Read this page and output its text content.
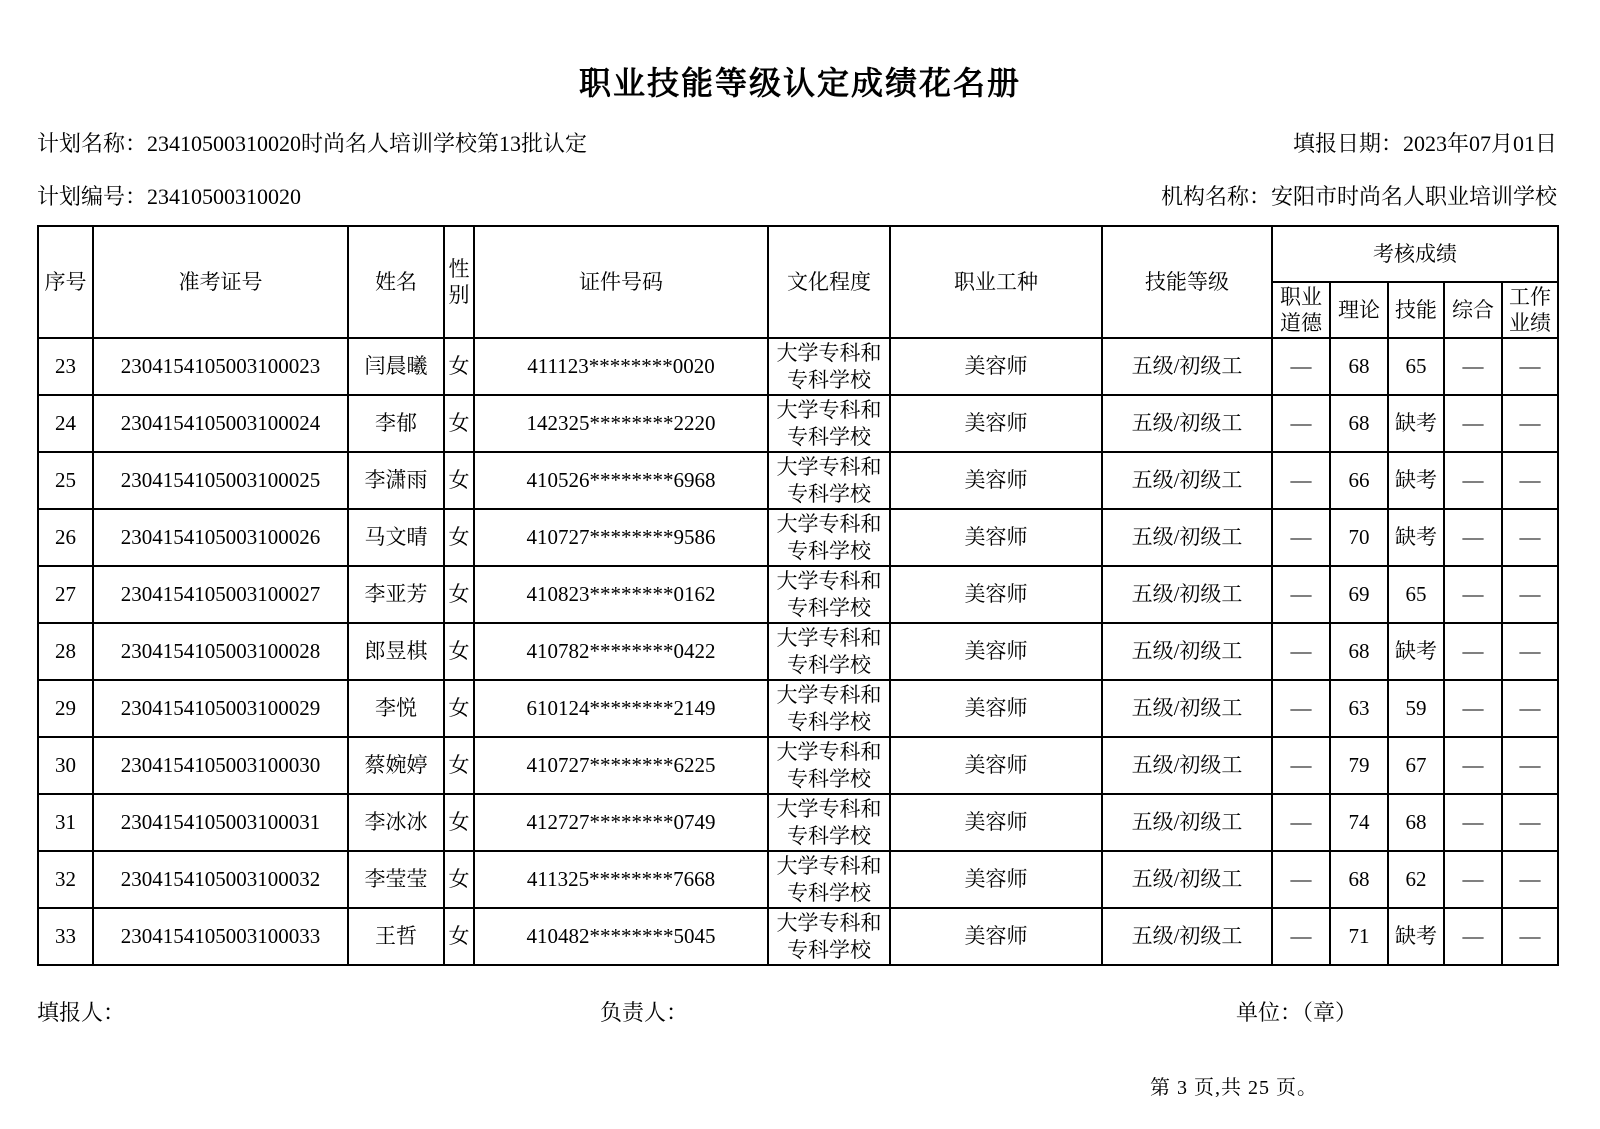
职业技能等级认定成绩花名册
计划名称：23410500310020时尚名人培训学校第13批认定	填报日期：2023年07月01日
计划编号：23410500310020	机构名称：安阳市时尚名人职业培训学校
序号	准考证号	姓名	性别	证件号码	文化程度	职业工种	技能等级	考核成绩				
								职业道德	理论	技能	综合	工作业绩
23	2304154105003100023	闫晨曦	女	411123********0020	大学专科和专科学校	美容师	五级/初级工	—	68	65	—	—
24	2304154105003100024	李郁	女	142325********2220	大学专科和专科学校	美容师	五级/初级工	—	68	缺考	—	—
25	2304154105003100025	李潇雨	女	410526********6968	大学专科和专科学校	美容师	五级/初级工	—	66	缺考	—	—
26	2304154105003100026	马文晴	女	410727********9586	大学专科和专科学校	美容师	五级/初级工	—	70	缺考	—	—
27	2304154105003100027	李亚芳	女	410823********0162	大学专科和专科学校	美容师	五级/初级工	—	69	65	—	—
28	2304154105003100028	郎昱棋	女	410782********0422	大学专科和专科学校	美容师	五级/初级工	—	68	缺考	—	—
29	2304154105003100029	李悦	女	610124********2149	大学专科和专科学校	美容师	五级/初级工	—	63	59	—	—
30	2304154105003100030	蔡婉婷	女	410727********6225	大学专科和专科学校	美容师	五级/初级工	—	79	67	—	—
31	2304154105003100031	李冰冰	女	412727********0749	大学专科和专科学校	美容师	五级/初级工	—	74	68	—	—
32	2304154105003100032	李莹莹	女	411325********7668	大学专科和专科学校	美容师	五级/初级工	—	68	62	—	—
33	2304154105003100033	王哲	女	410482********5045	大学专科和专科学校	美容师	五级/初级工	—	71	缺考	—	—
填报人：	负责人：	单位：（章）
第 3 页,共 25 页。
